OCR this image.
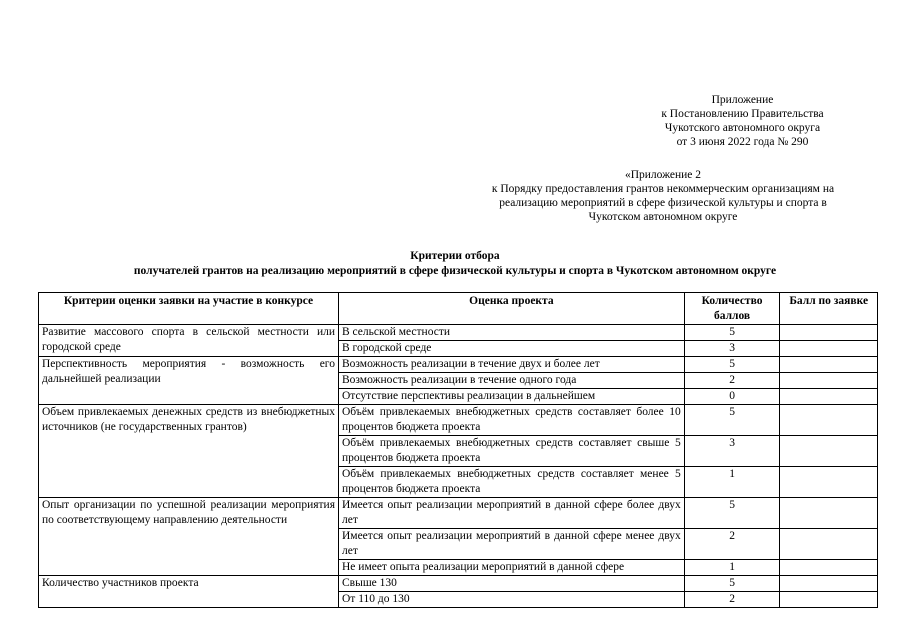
Приложение
к Постановлению Правительства
Чукотского автономного округа
от 3 июня 2022 года № 290
«Приложение 2
к Порядку предоставления грантов некоммерческим организациям на
реализацию мероприятий в сфере физической культуры и спорта в
Чукотском автономном округе
Критерии отбора
получателей грантов на реализацию мероприятий в сфере физической культуры и спорта в Чукотском автономном округе
Критерии оценки заявки на участие в конкурсе	Оценка проекта	Количество баллов	Балл по заявке
Развитие массового спорта в сельской местности или городской среде	В сельской местности	5	
	В городской среде	3	
Перспективность мероприятия - возможность его дальнейшей реализации	Возможность реализации в течение двух и более лет	5	
	Возможность реализации в течение одного года	2	
	Отсутствие перспективы реализации в дальнейшем	0	
Объем привлекаемых денежных средств из внебюджетных источников (не государственных грантов)	Объём привлекаемых внебюджетных средств составляет более 10 процентов бюджета проекта	5	
	Объём привлекаемых внебюджетных средств составляет свыше 5 процентов бюджета проекта	3	
	Объём привлекаемых внебюджетных средств составляет менее 5 процентов бюджета проекта	1	
Опыт организации по успешной реализации мероприятия по соответствующему направлению деятельности	Имеется опыт реализации мероприятий в данной сфере более двух лет	5	
	Имеется опыт реализации мероприятий в данной сфере менее двух лет	2	
	Не имеет опыта реализации мероприятий в данной сфере	1	
Количество участников проекта	Свыше 130	5	
	От 110 до 130	2	
